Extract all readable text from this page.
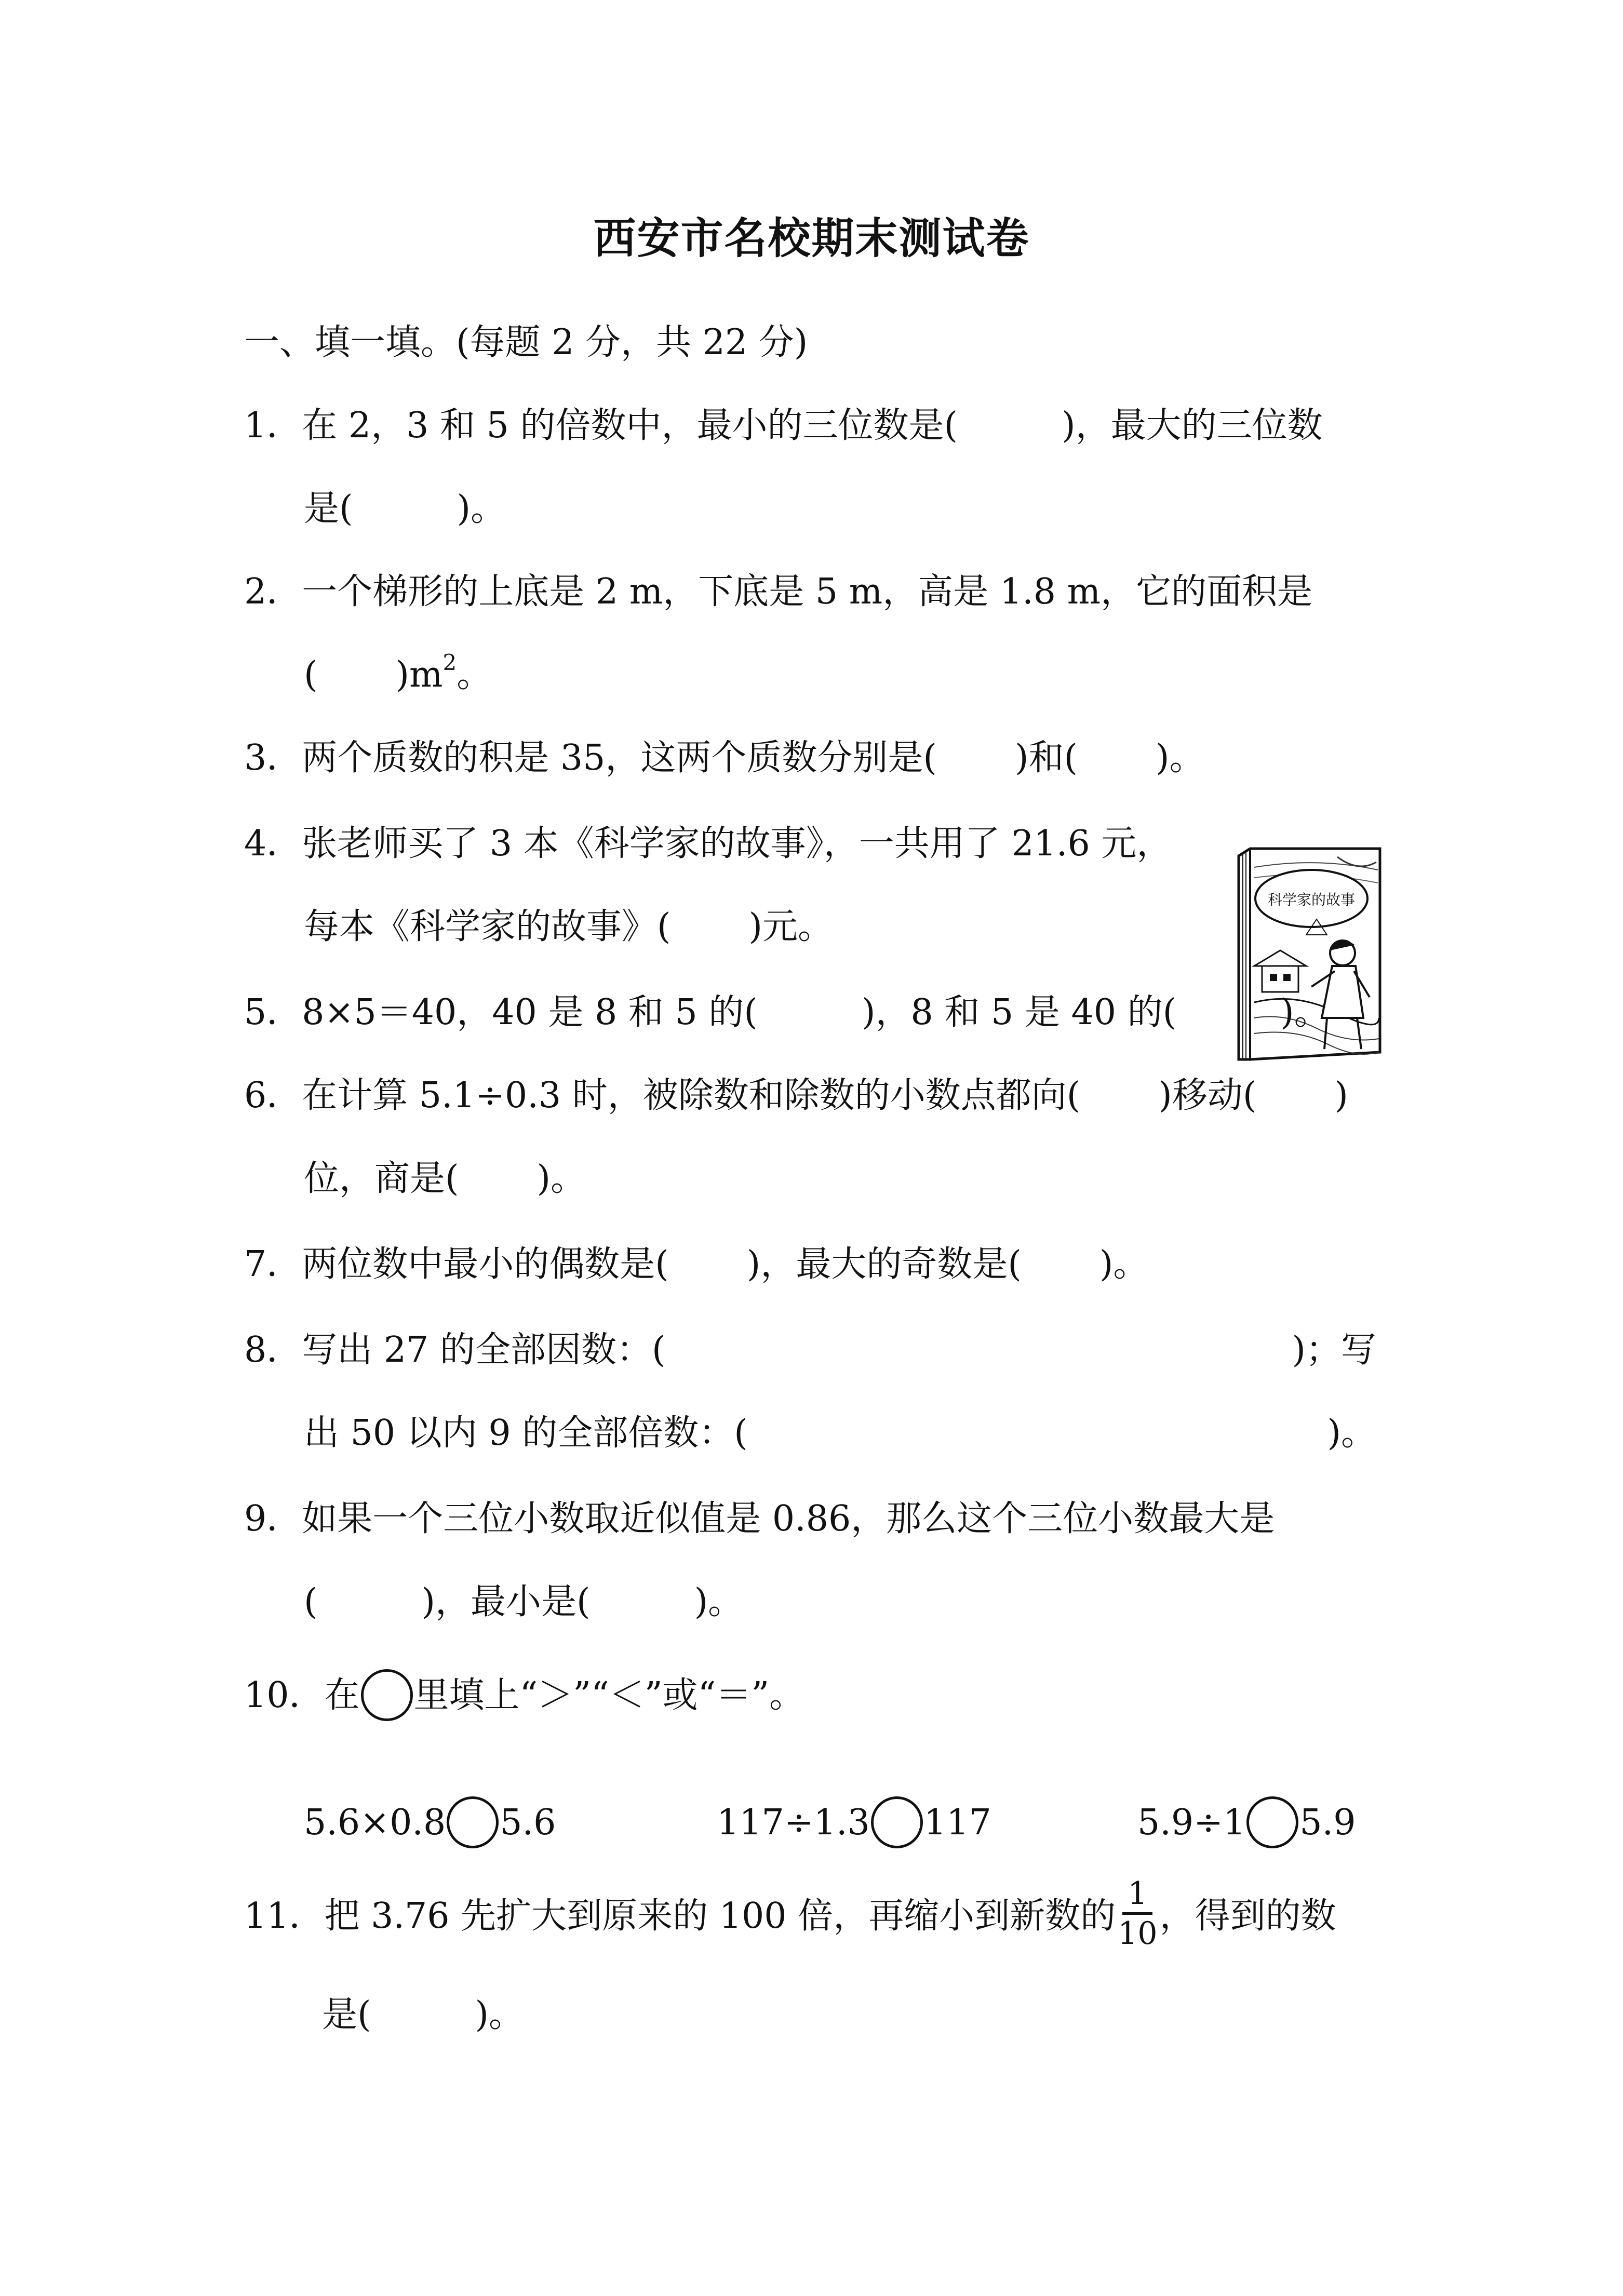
西安市名校期末测试卷
一、填一填。(每题 2 分，共 22 分)
1．在 2，3 和 5 的倍数中，最小的三位数是(	)，最大的三位数
是(	)。
2．一个梯形的上底是 2 m，下底是 5 m，高是 1.8 m，它的面积是
( )$m^2$。
3．两个质数的积是 35，这两个质数分别是( )和( )。
4．张老师买了 3 本《科学家的故事》，一共用了 21.6 元，
每本《科学家的故事》( )元。
科学家的故事
5．8×5＝40，40 是 8 和 5 的(	)，8 和 5 是 40 的(	)。
6．在计算 5.1÷0.3 时，被除数和除数的小数点都向( )移动( )
位，商是( )。
7．两位数中最小的偶数是( )，最大的奇数是( )。
8．写出 27 的全部因数：(	)；写
出 50 以内 9 的全部倍数：(	)。
9．如果一个三位小数取近似值是 0.86，那么这个三位小数最大是
(	)，最小是(	)。
10．在 里填上“＞”“＜”或“＝”。
5.6×0.8 5.6	117÷1.3 117	5.9÷1 5.9
11．把 3.76 先扩大到原来的 100 倍，再缩小到新数的 $\frac{1}{10}$ ，得到的数
是(	)。
